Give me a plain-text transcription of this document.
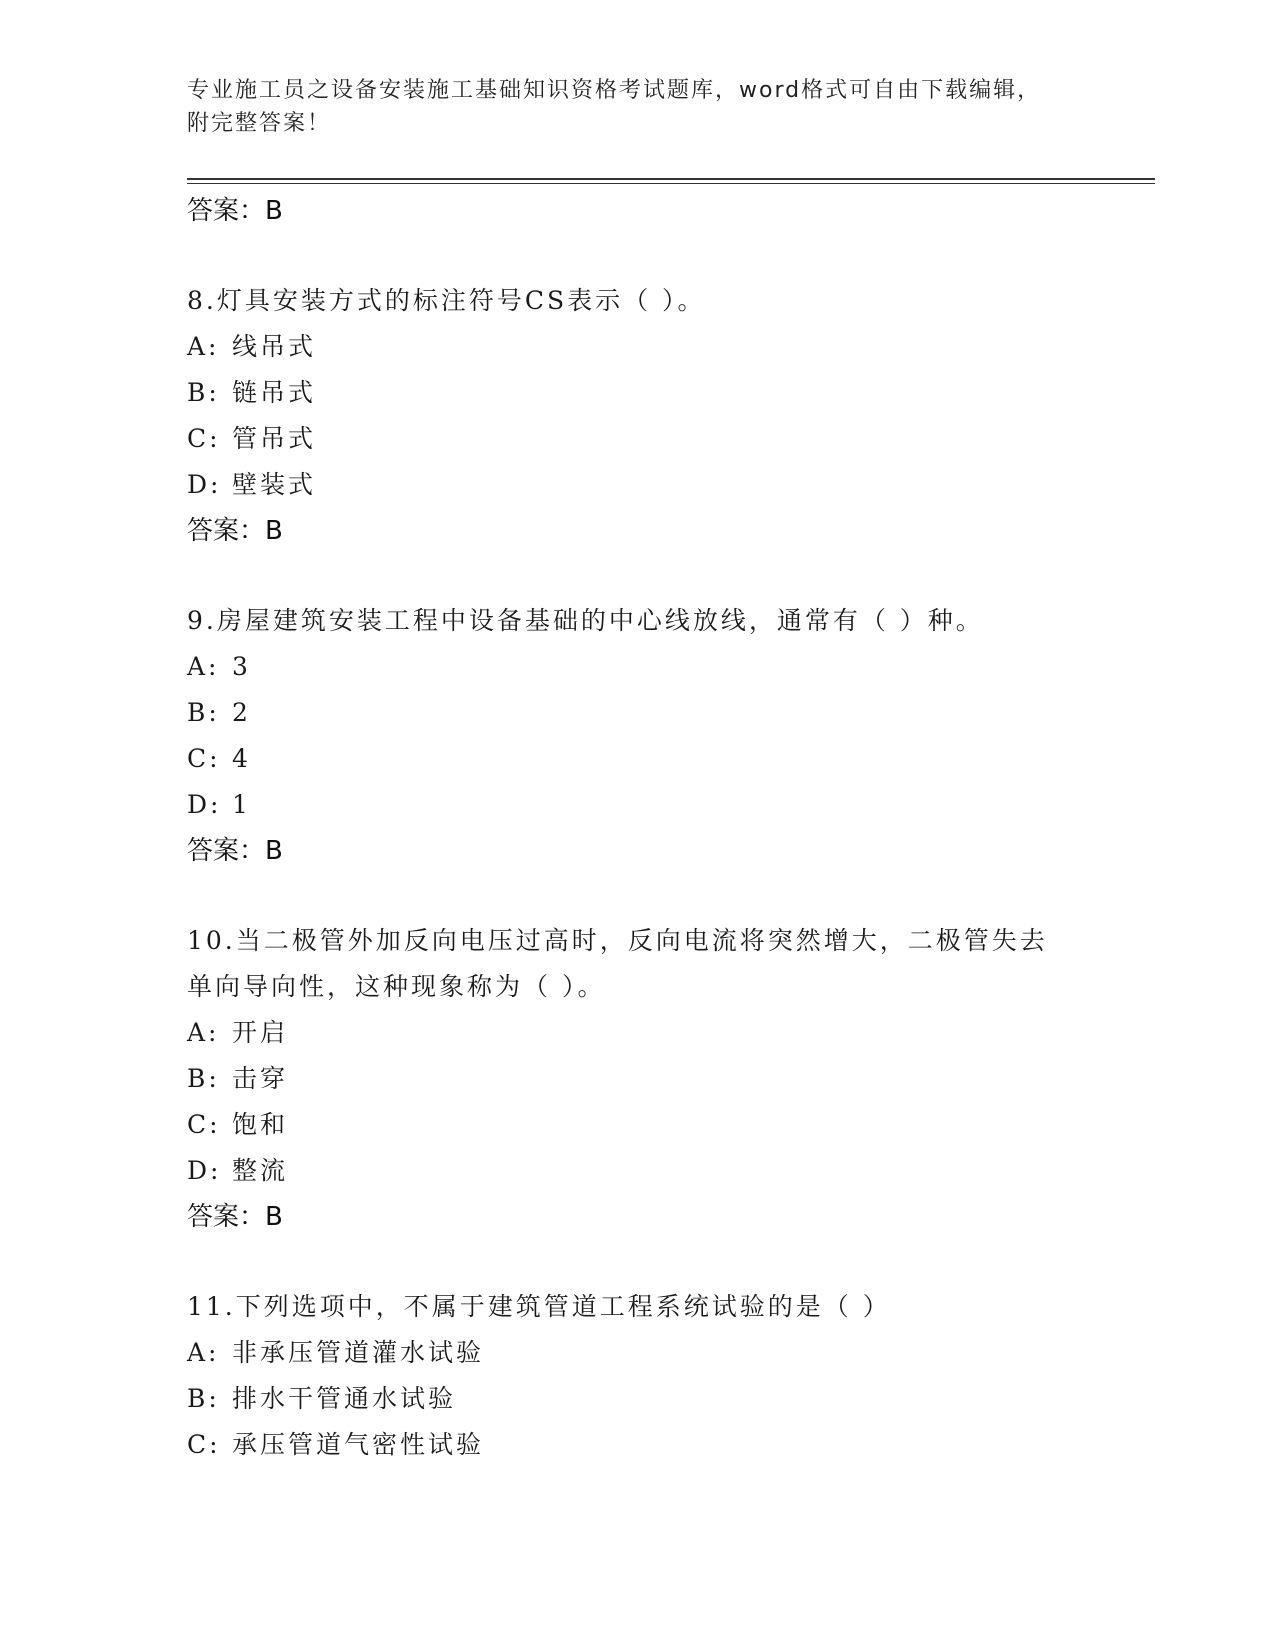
专业施工员之设备安装施工基础知识资格考试题库，word格式可自由下载编辑，
附完整答案！

答案：B

8.灯具安装方式的标注符号CS表示（ ）。

A: 线吊式

B: 链吊式

C: 管吊式

D: 壁装式

答案：B

9.房屋建筑安装工程中设备基础的中心线放线，通常有（ ）种。

A: 3

B: 2

C: 4

D: 1

答案：B

10.当二极管外加反向电压过高时，反向电流将突然增大，二极管失去

单向导向性，这种现象称为（ ）。

A: 开启

B: 击穿

C: 饱和

D: 整流

答案：B

11.下列选项中，不属于建筑管道工程系统试验的是（ ）

A: 非承压管道灌水试验

B: 排水干管通水试验

C: 承压管道气密性试验
